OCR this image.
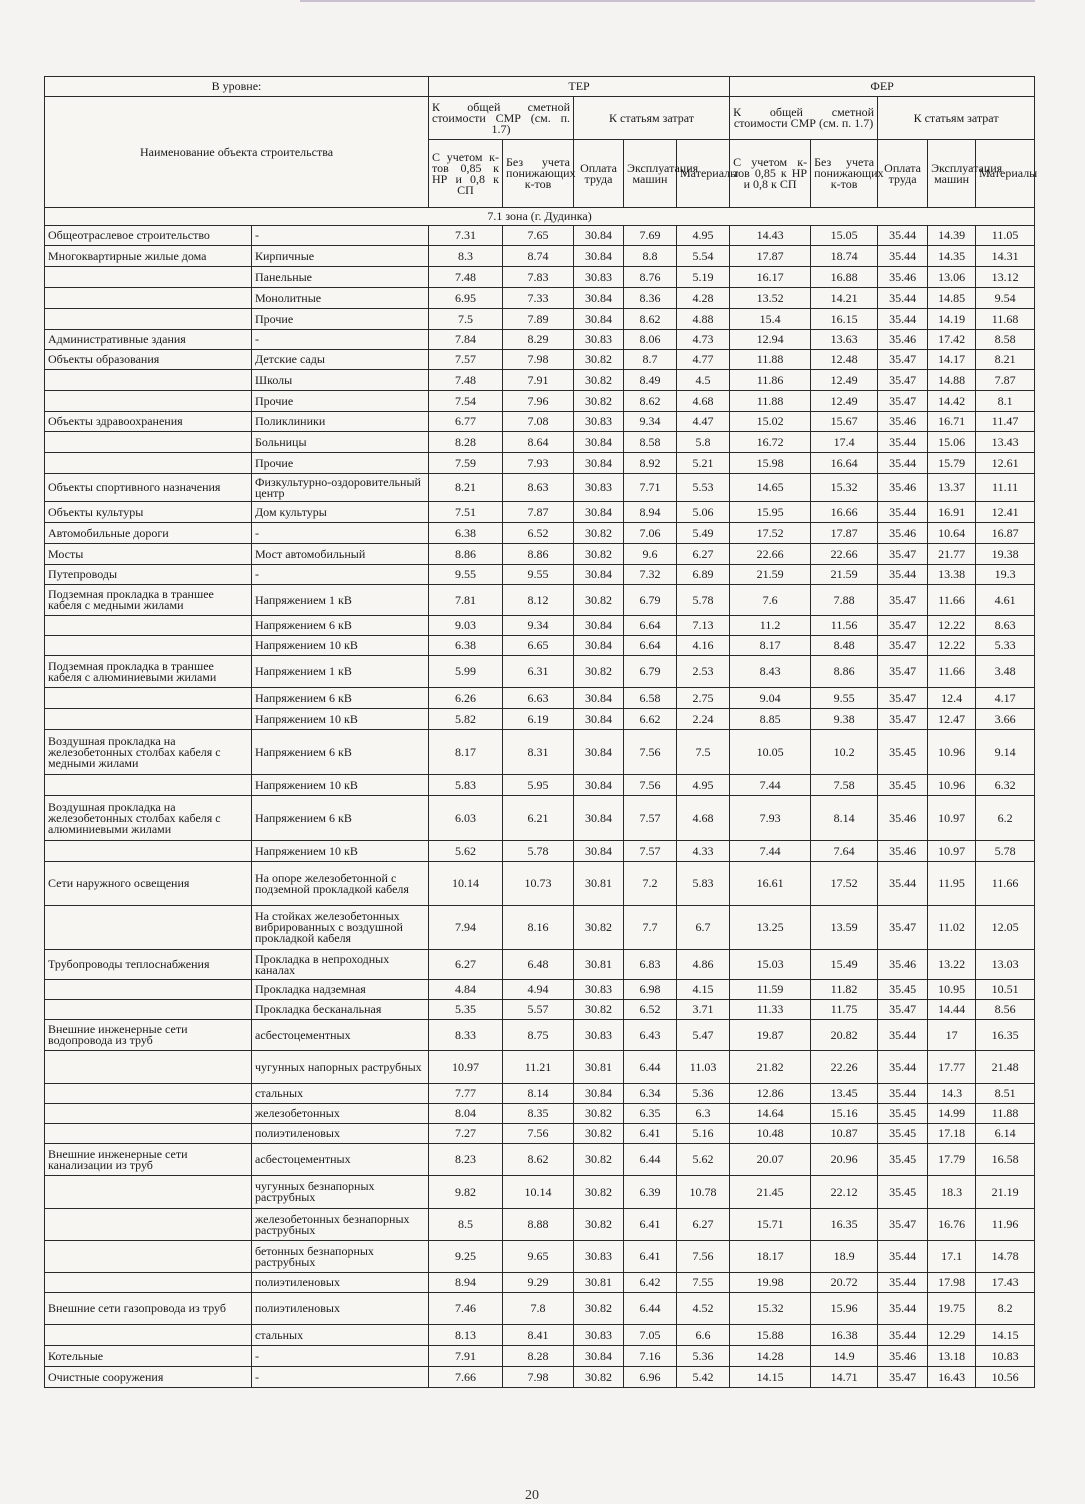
В уровне:		ТЕР					ФЕР				
Наименование объекта строительства		К общей сметной стоимости СМР (см. п. 1.7)		К статьям затрат			К общей сметной стоимости СМР (см. п. 1.7)		К статьям затрат		
		С учетом к-тов 0,85 к НР и 0,8 к СП	Без учета понижающих к-тов	Оплата труда	Эксплуатация машин	Материалы	С учетом к-тов 0,85 к НР и 0,8 к СП	Без учета понижающих к-тов	Оплата труда	Эксплуатация машин	Материалы
7.1 зона (г. Дудинка)											
Общеотраслевое строительство	-	7.31	7.65	30.84	7.69	4.95	14.43	15.05	35.44	14.39	11.05
Многоквартирные жилые дома	Кирпичные	8.3	8.74	30.84	8.8	5.54	17.87	18.74	35.44	14.35	14.31
	Панельные	7.48	7.83	30.83	8.76	5.19	16.17	16.88	35.46	13.06	13.12
	Монолитные	6.95	7.33	30.84	8.36	4.28	13.52	14.21	35.44	14.85	9.54
	Прочие	7.5	7.89	30.84	8.62	4.88	15.4	16.15	35.44	14.19	11.68
Административные здания	-	7.84	8.29	30.83	8.06	4.73	12.94	13.63	35.46	17.42	8.58
Объекты образования	Детские сады	7.57	7.98	30.82	8.7	4.77	11.88	12.48	35.47	14.17	8.21
	Школы	7.48	7.91	30.82	8.49	4.5	11.86	12.49	35.47	14.88	7.87
	Прочие	7.54	7.96	30.82	8.62	4.68	11.88	12.49	35.47	14.42	8.1
Объекты здравоохранения	Поликлиники	6.77	7.08	30.83	9.34	4.47	15.02	15.67	35.46	16.71	11.47
	Больницы	8.28	8.64	30.84	8.58	5.8	16.72	17.4	35.44	15.06	13.43
	Прочие	7.59	7.93	30.84	8.92	5.21	15.98	16.64	35.44	15.79	12.61
Объекты спортивного назначения	Физкультурно-оздоровительный центр	8.21	8.63	30.83	7.71	5.53	14.65	15.32	35.46	13.37	11.11
Объекты культуры	Дом культуры	7.51	7.87	30.84	8.94	5.06	15.95	16.66	35.44	16.91	12.41
Автомобильные дороги	-	6.38	6.52	30.82	7.06	5.49	17.52	17.87	35.46	10.64	16.87
Мосты	Мост автомобильный	8.86	8.86	30.82	9.6	6.27	22.66	22.66	35.47	21.77	19.38
Путепроводы	-	9.55	9.55	30.84	7.32	6.89	21.59	21.59	35.44	13.38	19.3
Подземная прокладка в траншее кабеля с медными жилами	Напряжением 1 кВ	7.81	8.12	30.82	6.79	5.78	7.6	7.88	35.47	11.66	4.61
	Напряжением 6 кВ	9.03	9.34	30.84	6.64	7.13	11.2	11.56	35.47	12.22	8.63
	Напряжением 10 кВ	6.38	6.65	30.84	6.64	4.16	8.17	8.48	35.47	12.22	5.33
Подземная прокладка в траншее кабеля с алюминиевыми жилами	Напряжением 1 кВ	5.99	6.31	30.82	6.79	2.53	8.43	8.86	35.47	11.66	3.48
	Напряжением 6 кВ	6.26	6.63	30.84	6.58	2.75	9.04	9.55	35.47	12.4	4.17
	Напряжением 10 кВ	5.82	6.19	30.84	6.62	2.24	8.85	9.38	35.47	12.47	3.66
Воздушная прокладка на железобетонных столбах кабеля с медными жилами	Напряжением 6 кВ	8.17	8.31	30.84	7.56	7.5	10.05	10.2	35.45	10.96	9.14
	Напряжением 10 кВ	5.83	5.95	30.84	7.56	4.95	7.44	7.58	35.45	10.96	6.32
Воздушная прокладка на железобетонных столбах кабеля с алюминиевыми жилами	Напряжением 6 кВ	6.03	6.21	30.84	7.57	4.68	7.93	8.14	35.46	10.97	6.2
	Напряжением 10 кВ	5.62	5.78	30.84	7.57	4.33	7.44	7.64	35.46	10.97	5.78
Сети наружного освещения	На опоре железобетонной с подземной прокладкой кабеля	10.14	10.73	30.81	7.2	5.83	16.61	17.52	35.44	11.95	11.66
	На стойках железобетонных вибрированных с воздушной прокладкой кабеля	7.94	8.16	30.82	7.7	6.7	13.25	13.59	35.47	11.02	12.05
Трубопроводы теплоснабжения	Прокладка в непроходных каналах	6.27	6.48	30.81	6.83	4.86	15.03	15.49	35.46	13.22	13.03
	Прокладка надземная	4.84	4.94	30.83	6.98	4.15	11.59	11.82	35.45	10.95	10.51
	Прокладка бесканальная	5.35	5.57	30.82	6.52	3.71	11.33	11.75	35.47	14.44	8.56
Внешние инженерные сети водопровода из труб	асбестоцементных	8.33	8.75	30.83	6.43	5.47	19.87	20.82	35.44	17	16.35
	чугунных напорных раструбных	10.97	11.21	30.81	6.44	11.03	21.82	22.26	35.44	17.77	21.48
	стальных	7.77	8.14	30.84	6.34	5.36	12.86	13.45	35.44	14.3	8.51
	железобетонных	8.04	8.35	30.82	6.35	6.3	14.64	15.16	35.45	14.99	11.88
	полиэтиленовых	7.27	7.56	30.82	6.41	5.16	10.48	10.87	35.45	17.18	6.14
Внешние инженерные сети канализации из труб	асбестоцементных	8.23	8.62	30.82	6.44	5.62	20.07	20.96	35.45	17.79	16.58
	чугунных безнапорных раструбных	9.82	10.14	30.82	6.39	10.78	21.45	22.12	35.45	18.3	21.19
	железобетонных безнапорных раструбных	8.5	8.88	30.82	6.41	6.27	15.71	16.35	35.47	16.76	11.96
	бетонных безнапорных раструбных	9.25	9.65	30.83	6.41	7.56	18.17	18.9	35.44	17.1	14.78
	полиэтиленовых	8.94	9.29	30.81	6.42	7.55	19.98	20.72	35.44	17.98	17.43
Внешние сети газопровода из труб	полиэтиленовых	7.46	7.8	30.82	6.44	4.52	15.32	15.96	35.44	19.75	8.2
	стальных	8.13	8.41	30.83	7.05	6.6	15.88	16.38	35.44	12.29	14.15
Котельные	-	7.91	8.28	30.84	7.16	5.36	14.28	14.9	35.46	13.18	10.83
Очистные сооружения	-	7.66	7.98	30.82	6.96	5.42	14.15	14.71	35.47	16.43	10.56
20
